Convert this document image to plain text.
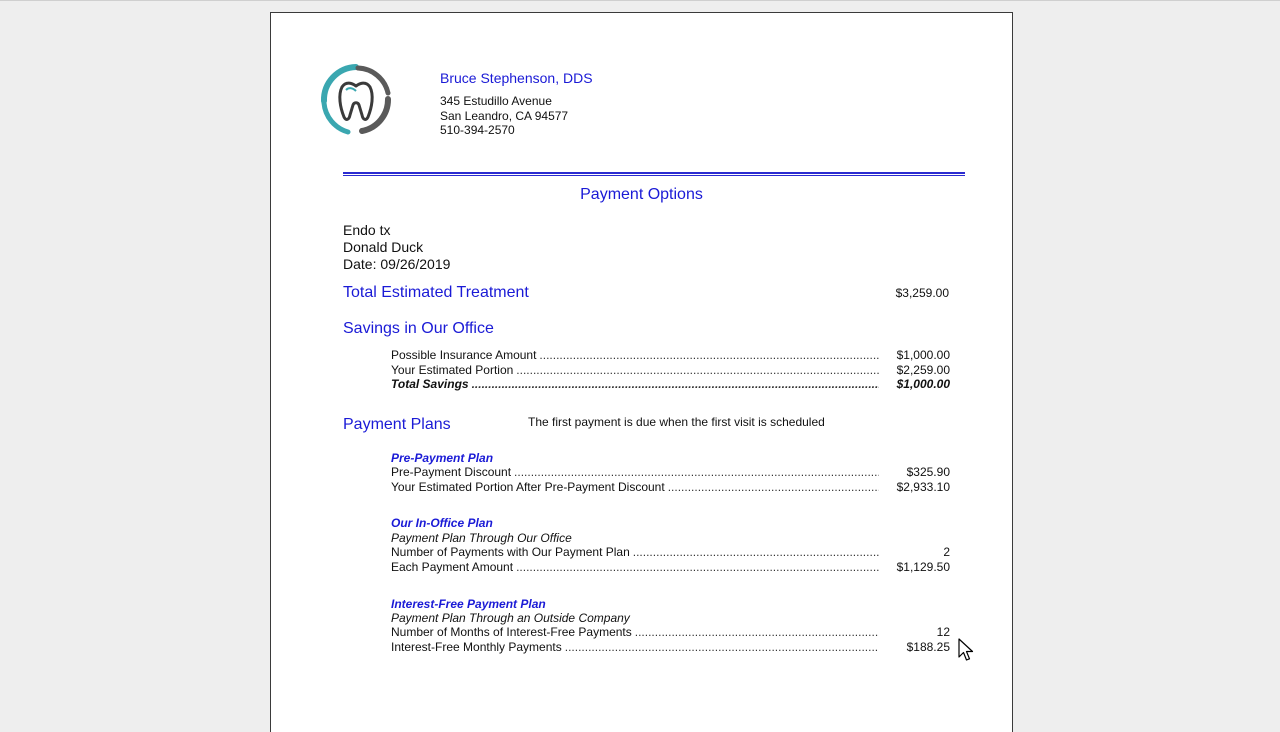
Bruce Stephenson, DDS
345 Estudillo Avenue
San Leandro, CA 94577
510-394-2570
Payment Options
Endo tx
Donald Duck
Date: 09/26/2019
Total Estimated Treatment	$3,259.00
Savings in Our Office
Possible Insurance Amount .....	$1,000.00
Your Estimated Portion .....	$2,259.00
Total Savings .....	$1,000.00
Payment Plans	The first payment is due when the first visit is scheduled
Pre-Payment Plan
Pre-Payment Discount .....	$325.90
Your Estimated Portion After Pre-Payment Discount .....	$2,933.10
Our In-Office Plan
Payment Plan Through Our Office
Number of Payments with Our Payment Plan .....	2
Each Payment Amount .....	$1,129.50
Interest-Free Payment Plan
Payment Plan Through an Outside Company
Number of Months of Interest-Free Payments .....	12
Interest-Free Monthly Payments .....	$188.25
